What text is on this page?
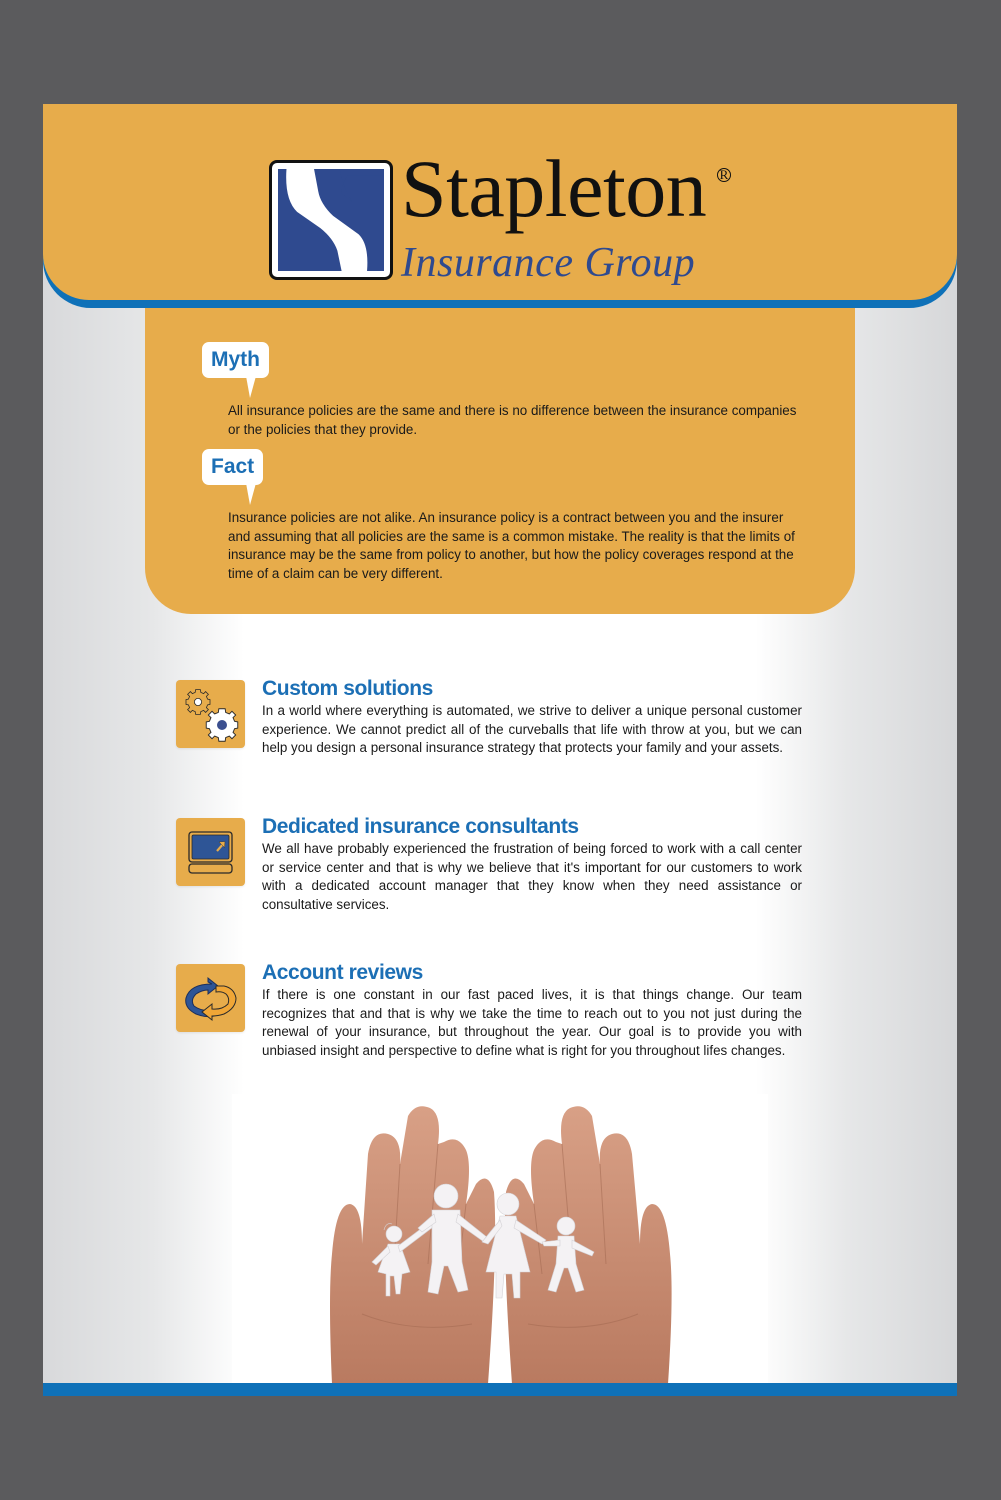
Stapleton R
Insurance Group
Myth

All insurance policies are the same and there is no difference between the insurance companies or the policies that they provide.

Fact

Insurance policies are not alike. An insurance policy is a contract between you and the insurer and assuming that all policies are the same is a common mistake. The reality is that the limits of insurance may be the same from policy to another, but how the policy coverages respond at the time of a claim can be very different.

Custom solutions

In a world where everything is automated, we strive to deliver a unique personal customer experience. We cannot predict all of the curveballs that life with throw at you, but we can help you design a personal insurance strategy that protects your family and your assets.

Dedicated insurance consultants

We all have probably experienced the frustration of being forced to work with a call center or service center and that is why we believe that it's important for our customers to work with a dedicated account manager that they know when they need assistance or consultative services.

Account reviews

If there is one constant in our fast paced lives, it is that things change. Our team recognizes that and that is why we take the time to reach out to you not just during the renewal of your insurance, but throughout the year. Our goal is to provide you with unbiased insight and perspective to define what is right for you throughout lifes changes.
